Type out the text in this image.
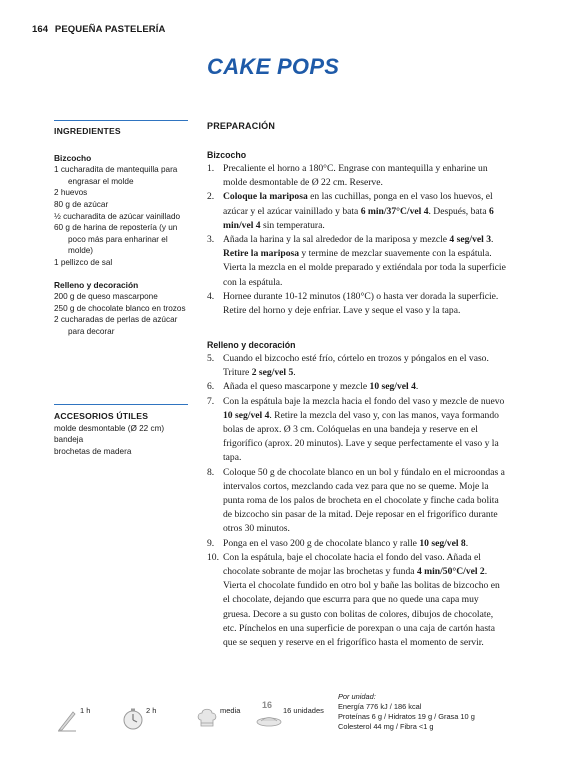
164 PEQUEÑA PASTELERÍA
CAKE POPS
INGREDIENTES
Bizcocho
1 cucharadita de mantequilla para engrasar el molde
2 huevos
80 g de azúcar
½ cucharadita de azúcar vainillado
60 g de harina de repostería (y un poco más para enharinar el molde)
1 pellizco de sal
Relleno y decoración
200 g de queso mascarpone
250 g de chocolate blanco en trozos
2 cucharadas de perlas de azúcar para decorar
ACCESORIOS ÚTILES
molde desmontable (Ø 22 cm)
bandeja
brochetas de madera
PREPARACIÓN
Bizcocho
1. Precaliente el horno a 180°C. Engrase con mantequilla y enharine un molde desmontable de Ø 22 cm. Reserve.
2. Coloque la mariposa en las cuchillas, ponga en el vaso los huevos, el azúcar y el azúcar vainillado y bata 6 min/37°C/vel 4. Después, bata 6 min/vel 4 sin temperatura.
3. Añada la harina y la sal alrededor de la mariposa y mezcle 4 seg/vel 3. Retire la mariposa y termine de mezclar suavemente con la espátula. Vierta la mezcla en el molde preparado y extiéndala por toda la superficie con la espátula.
4. Hornee durante 10-12 minutos (180°C) o hasta ver dorada la superficie. Retire del horno y deje enfriar. Lave y seque el vaso y la tapa.
Relleno y decoración
5. Cuando el bizcocho esté frío, córtelo en trozos y póngalos en el vaso. Triture 2 seg/vel 5.
6. Añada el queso mascarpone y mezcle 10 seg/vel 4.
7. Con la espátula baje la mezcla hacia el fondo del vaso y mezcle de nuevo 10 seg/vel 4. Retire la mezcla del vaso y, con las manos, vaya formando bolas de aprox. Ø 3 cm. Colóquelas en una bandeja y reserve en el frigorífico (aprox. 20 minutos). Lave y seque perfectamente el vaso y la tapa.
8. Coloque 50 g de chocolate blanco en un bol y fúndalo en el microondas a intervalos cortos, mezclando cada vez para que no se queme. Moje la punta roma de los palos de brocheta en el chocolate y finche cada bolita de bizcocho sin pasar de la mitad. Deje reposar en el frigorífico durante otros 30 minutos.
9. Ponga en el vaso 200 g de chocolate blanco y ralle 10 seg/vel 8.
10. Con la espátula, baje el chocolate hacia el fondo del vaso. Añada el chocolate sobrante de mojar las brochetas y funda 4 min/50°C/vel 2. Vierta el chocolate fundido en otro bol y bañe las bolitas de bizcocho en el chocolate, dejando que escurra para que no quede una capa muy gruesa. Decore a su gusto con bolitas de colores, dibujos de chocolate, etc. Pínchelos en una superficie de porexpan o una caja de cartón hasta que se sequen y reserve en el frigorífico hasta el momento de servir.
1 h	2 h	media
16
16 unidades
Por unidad:
Energía 776 kJ / 186 kcal
Proteínas 6 g / Hidratos 19 g / Grasa 10 g
Colesterol 44 mg / Fibra <1 g
